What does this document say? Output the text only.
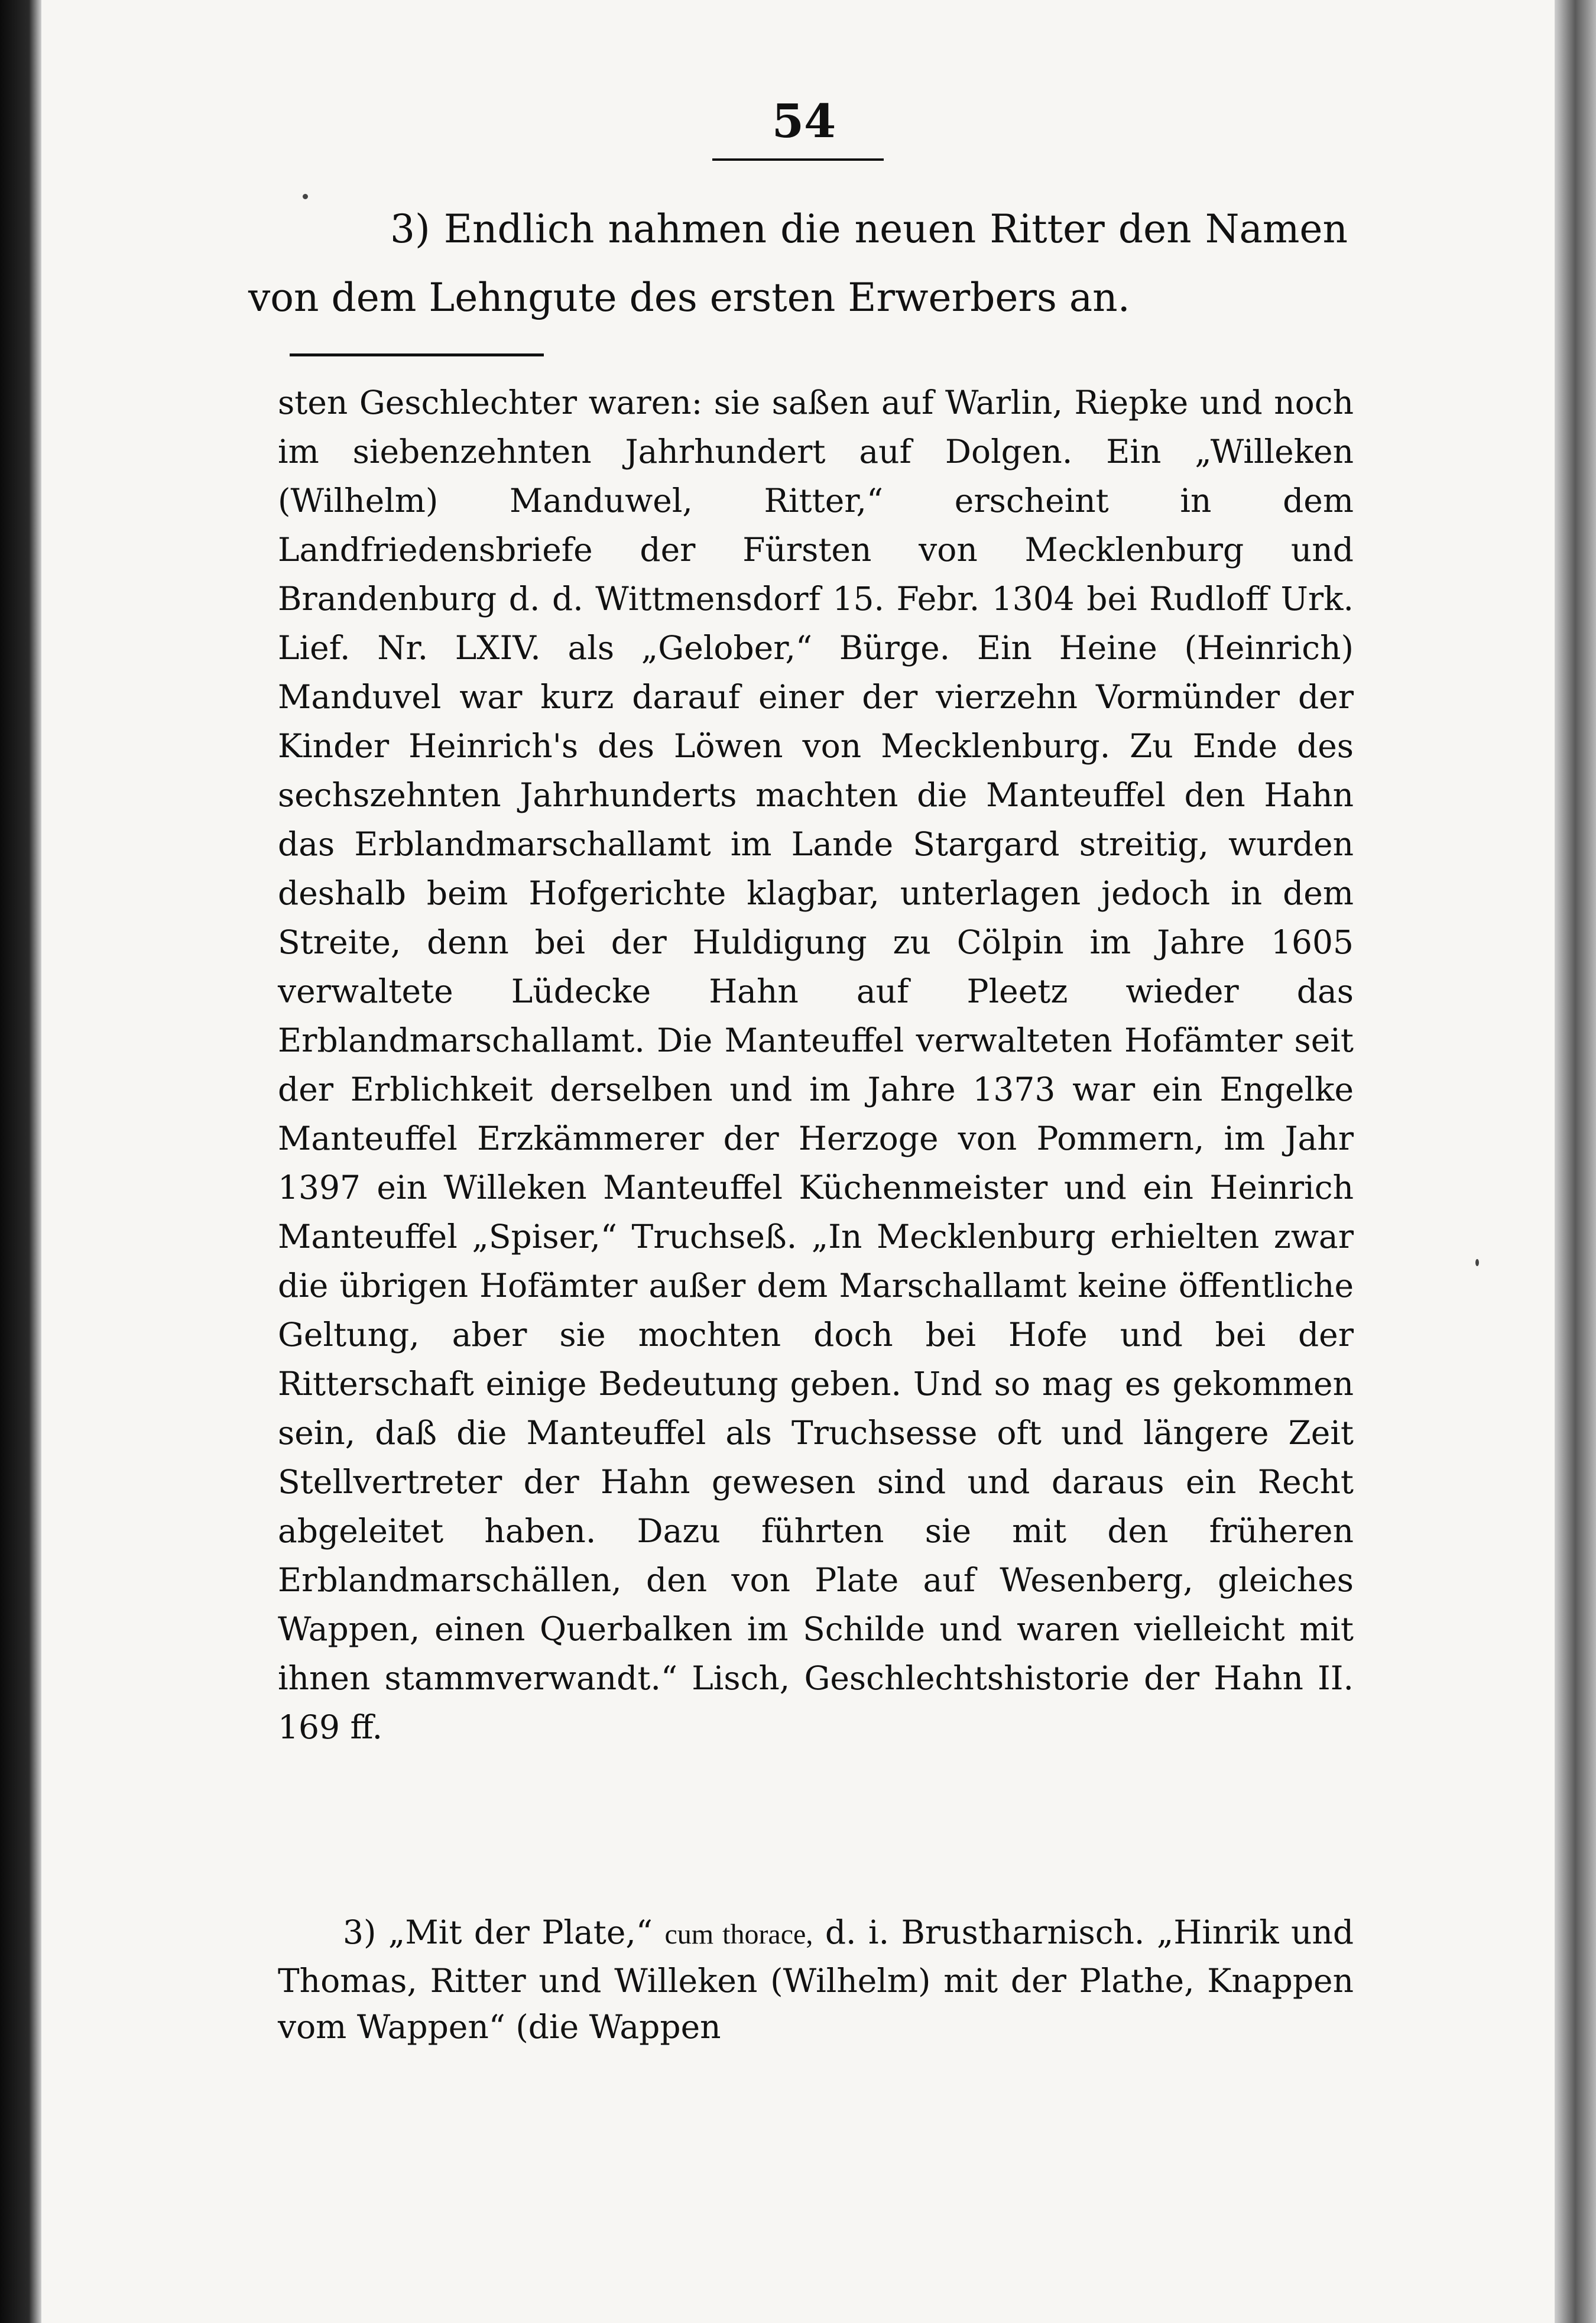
54
3) Endlich nahmen die neuen Ritter den Namen von dem Lehngute des ersten Erwerbers an.
sten Geschlechter waren: sie saßen auf Warlin, Riepke und noch im siebenzehnten Jahrhundert auf Dolgen. Ein „Willeken (Wilhelm) Manduwel, Ritter,“ erscheint in dem Landfriedensbriefe der Fürsten von Mecklenburg und Brandenburg d. d. Wittmensdorf 15. Febr. 1304 bei Rudloff Urk. Lief. Nr. LXIV. als „Gelober,“ Bürge. Ein Heine (Heinrich) Manduvel war kurz darauf einer der vierzehn Vormünder der Kinder Heinrich's des Löwen von Mecklenburg. Zu Ende des sechszehnten Jahrhunderts machten die Manteuffel den Hahn das Erblandmarschallamt im Lande Stargard streitig, wurden deshalb beim Hofgerichte klagbar, unterlagen jedoch in dem Streite, denn bei der Huldigung zu Cölpin im Jahre 1605 verwaltete Lüdecke Hahn auf Pleetz wieder das Erblandmarschallamt. Die Manteuffel verwalteten Hofämter seit der Erblichkeit derselben und im Jahre 1373 war ein Engelke Manteuffel Erzkämmerer der Herzoge von Pommern, im Jahr 1397 ein Willeken Manteuffel Küchenmeister und ein Heinrich Manteuffel „Spiser,“ Truchseß. „In Mecklenburg erhielten zwar die übrigen Hofämter außer dem Marschallamt keine öffentliche Geltung, aber sie mochten doch bei Hofe und bei der Ritterschaft einige Bedeutung geben. Und so mag es gekommen sein, daß die Manteuffel als Truchsesse oft und längere Zeit Stellvertreter der Hahn gewesen sind und daraus ein Recht abgeleitet haben. Dazu führten sie mit den früheren Erblandmarschällen, den von Plate auf Wesenberg, gleiches Wappen, einen Querbalken im Schilde und waren vielleicht mit ihnen stammverwandt.“ Lisch, Geschlechtshistorie der Hahn II. 169 ff.
3) „Mit der Plate,“ cum thorace, d. i. Brustharnisch. „Hinrik und Thomas, Ritter und Willeken (Wilhelm) mit der Plathe, Knappen vom Wappen“ (die Wappen
